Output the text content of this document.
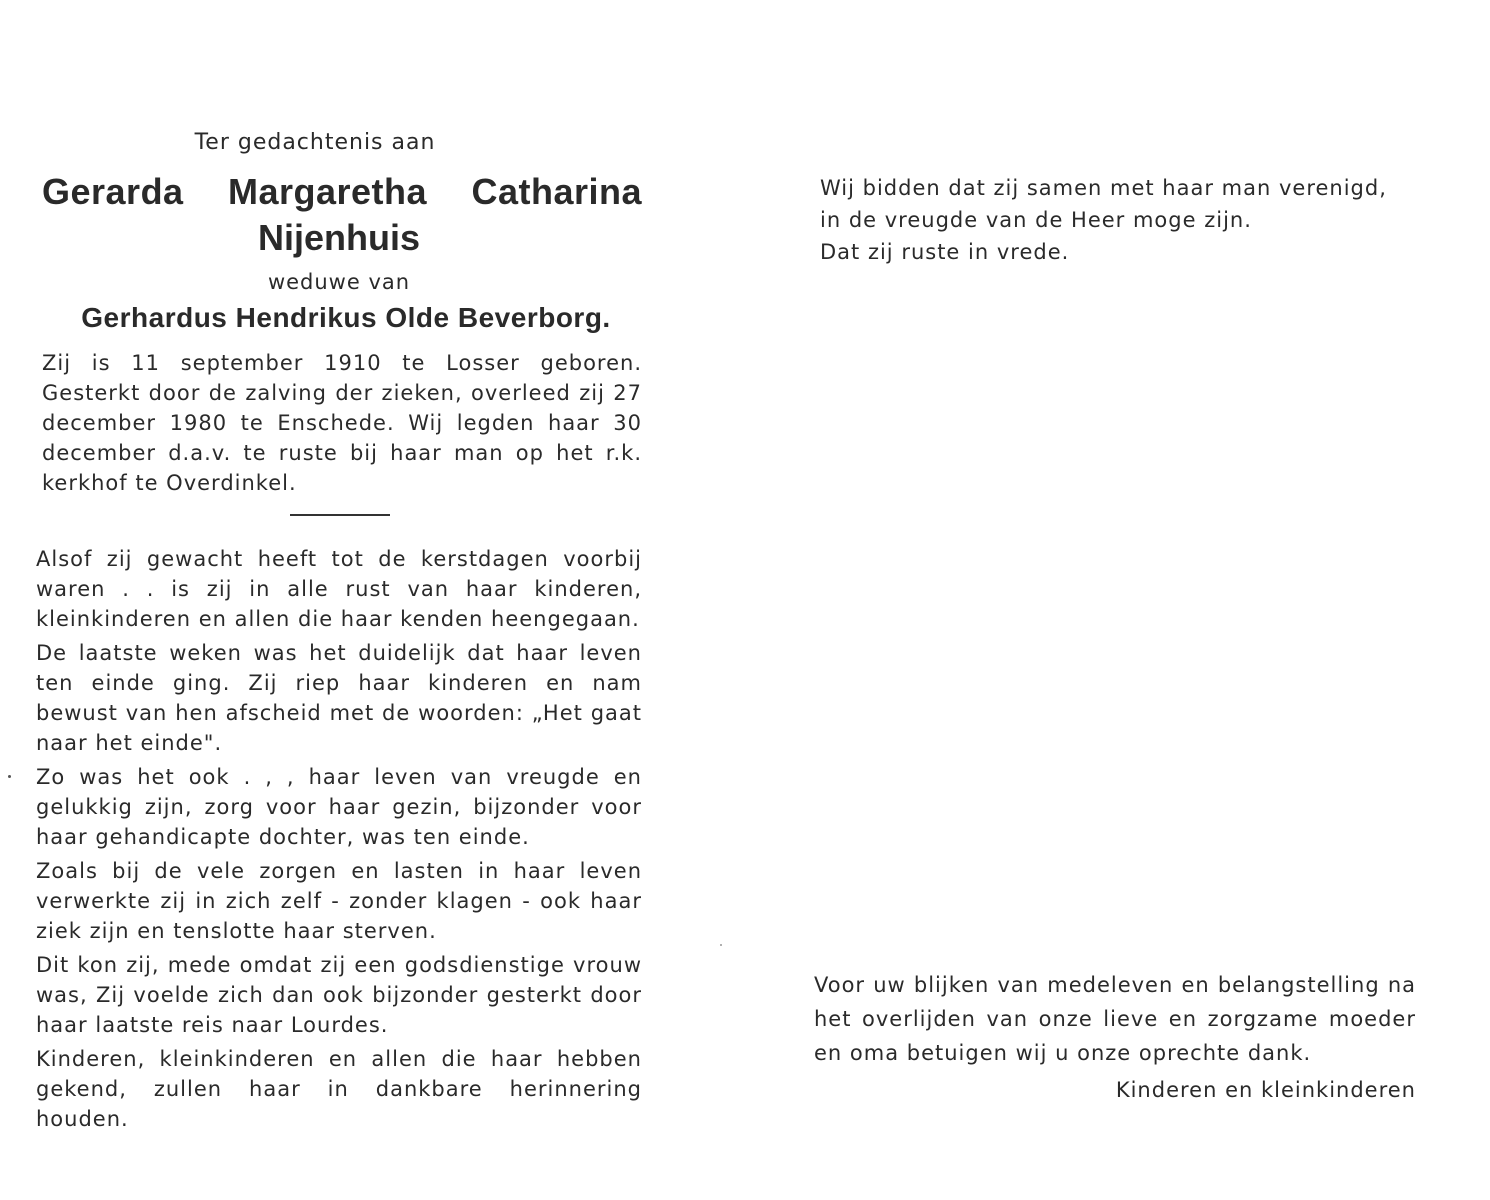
Ter gedachtenis aan

Gerarda Margaretha Catharina

Nijenhuis

weduwe van

Gerhardus Hendrikus Olde Beverborg.

Zij is 11 september 1910 te Losser geboren. Gesterkt door de zalving der zieken, overleed zij 27 december 1980 te Enschede. Wij legden haar 30 december d.a.v. te ruste bij haar man op het r.k. kerkhof te Overdinkel.

Alsof zij gewacht heeft tot de kerstdagen voorbij waren . . is zij in alle rust van haar kinderen, kleinkinderen en allen die haar kenden heengegaan.

De laatste weken was het duidelijk dat haar leven ten einde ging. Zij riep haar kinderen en nam bewust van hen afscheid met de woorden: „Het gaat naar het einde".

Zo was het ook . , , haar leven van vreugde en gelukkig zijn, zorg voor haar gezin, bijzonder voor haar gehandicapte dochter, was ten einde.

Zoals bij de vele zorgen en lasten in haar leven verwerkte zij in zich zelf - zonder klagen - ook haar ziek zijn en tenslotte haar sterven.

Dit kon zij, mede omdat zij een godsdienstige vrouw was, Zij voelde zich dan ook bijzonder gesterkt door haar laatste reis naar Lourdes.

Kinderen, kleinkinderen en allen die haar hebben gekend, zullen haar in dankbare herinnering houden.

Wij bidden dat zij samen met haar man verenigd,

in de vreugde van de Heer moge zijn.

Dat zij ruste in vrede.

Voor uw blijken van medeleven en belangstelling na het overlijden van onze lieve en zorgzame moeder en oma betuigen wij u onze oprechte dank.

Kinderen en kleinkinderen
